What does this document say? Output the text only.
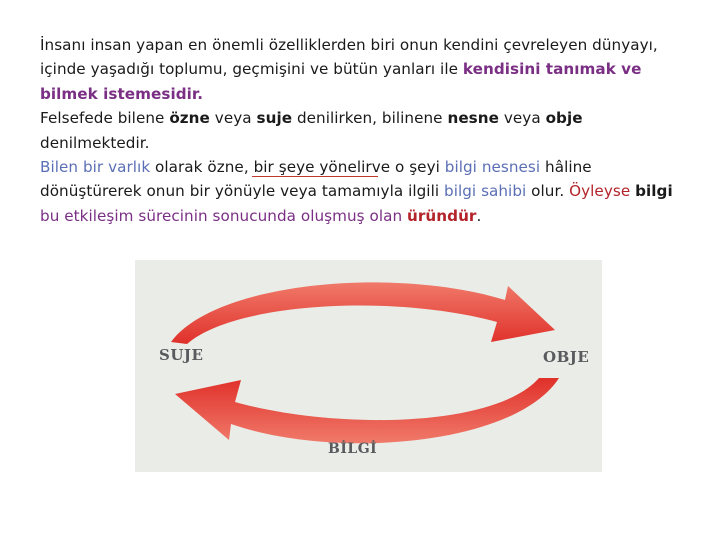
İnsanı insan yapan en önemli özelliklerden biri onun kendini çevreleyen dünyayı, içinde yaşadığı toplumu, geçmişini ve bütün yanları ile kendisini tanımak ve bilmek istemesidir.

Felsefede bilene özne veya suje denilirken, bilinene nesne veya obje denilmektedir.

Bilen bir varlık olarak özne, bir şeye yönelirve o şeyi bilgi nesnesi hâline dönüştürerek onun bir yönüyle veya tamamıyla ilgili bilgi sahibi olur. Öyleyse bilgi bu etkileşim sürecinin sonucunda oluşmuş olan üründür.

SUJE	OBJE
BİLGİ
